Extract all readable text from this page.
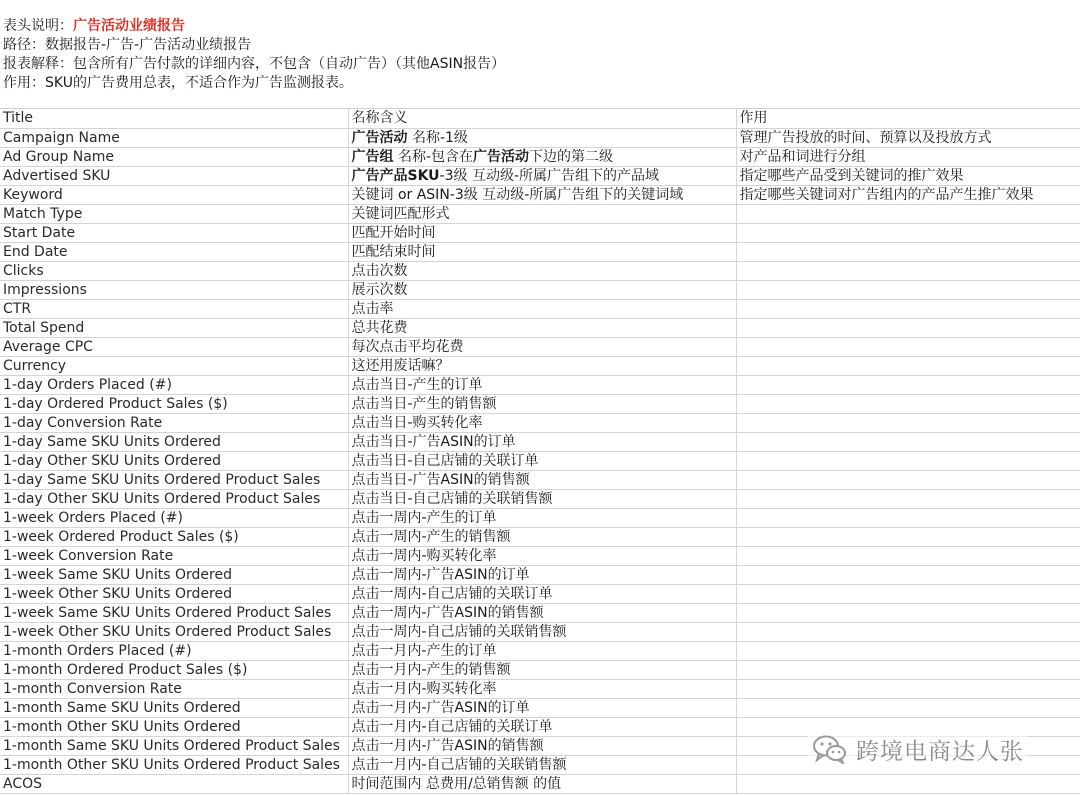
表头说明：广告活动业绩报告
路径：数据报告-广告-广告活动业绩报告
报表解释：包含所有广告付款的详细内容，不包含（自动广告）（其他ASIN报告）
作用：SKU的广告费用总表，不适合作为广告监测报表。
Title	名称含义	作用
Campaign Name	广告活动 名称-1级	管理广告投放的时间、预算以及投放方式
Ad Group Name	广告组 名称-包含在广告活动下边的第二级	对产品和词进行分组
Advertised SKU	广告产品SKU-3级 互动级-所属广告组下的产品域	指定哪些产品受到关键词的推广效果
Keyword	关键词 or ASIN-3级 互动级-所属广告组下的关键词域	指定哪些关键词对广告组内的产品产生推广效果
Match Type	关键词匹配形式	
Start Date	匹配开始时间	
End Date	匹配结束时间	
Clicks	点击次数	
Impressions	展示次数	
CTR	点击率	
Total Spend	总共花费	
Average CPC	每次点击平均花费	
Currency	这还用废话嘛？	
1-day Orders Placed (#)	点击当日-产生的订单	
1-day Ordered Product Sales ($)	点击当日-产生的销售额	
1-day Conversion Rate	点击当日-购买转化率	
1-day Same SKU Units Ordered	点击当日-广告ASIN的订单	
1-day Other SKU Units Ordered	点击当日-自己店铺的关联订单	
1-day Same SKU Units Ordered Product Sales	点击当日-广告ASIN的销售额	
1-day Other SKU Units Ordered Product Sales	点击当日-自己店铺的关联销售额	
1-week Orders Placed (#)	点击一周内-产生的订单	
1-week Ordered Product Sales ($)	点击一周内-产生的销售额	
1-week Conversion Rate	点击一周内-购买转化率	
1-week Same SKU Units Ordered	点击一周内-广告ASIN的订单	
1-week Other SKU Units Ordered	点击一周内-自己店铺的关联订单	
1-week Same SKU Units Ordered Product Sales	点击一周内-广告ASIN的销售额	
1-week Other SKU Units Ordered Product Sales	点击一周内-自己店铺的关联销售额	
1-month Orders Placed (#)	点击一月内-产生的订单	
1-month Ordered Product Sales ($)	点击一月内-产生的销售额	
1-month Conversion Rate	点击一月内-购买转化率	
1-month Same SKU Units Ordered	点击一月内-广告ASIN的订单	
1-month Other SKU Units Ordered	点击一月内-自己店铺的关联订单	
1-month Same SKU Units Ordered Product Sales	点击一月内-广告ASIN的销售额	
1-month Other SKU Units Ordered Product Sales	点击一月内-自己店铺的关联销售额	
ACOS	时间范围内 总费用/总销售额 的值	
跨境电商达人张
